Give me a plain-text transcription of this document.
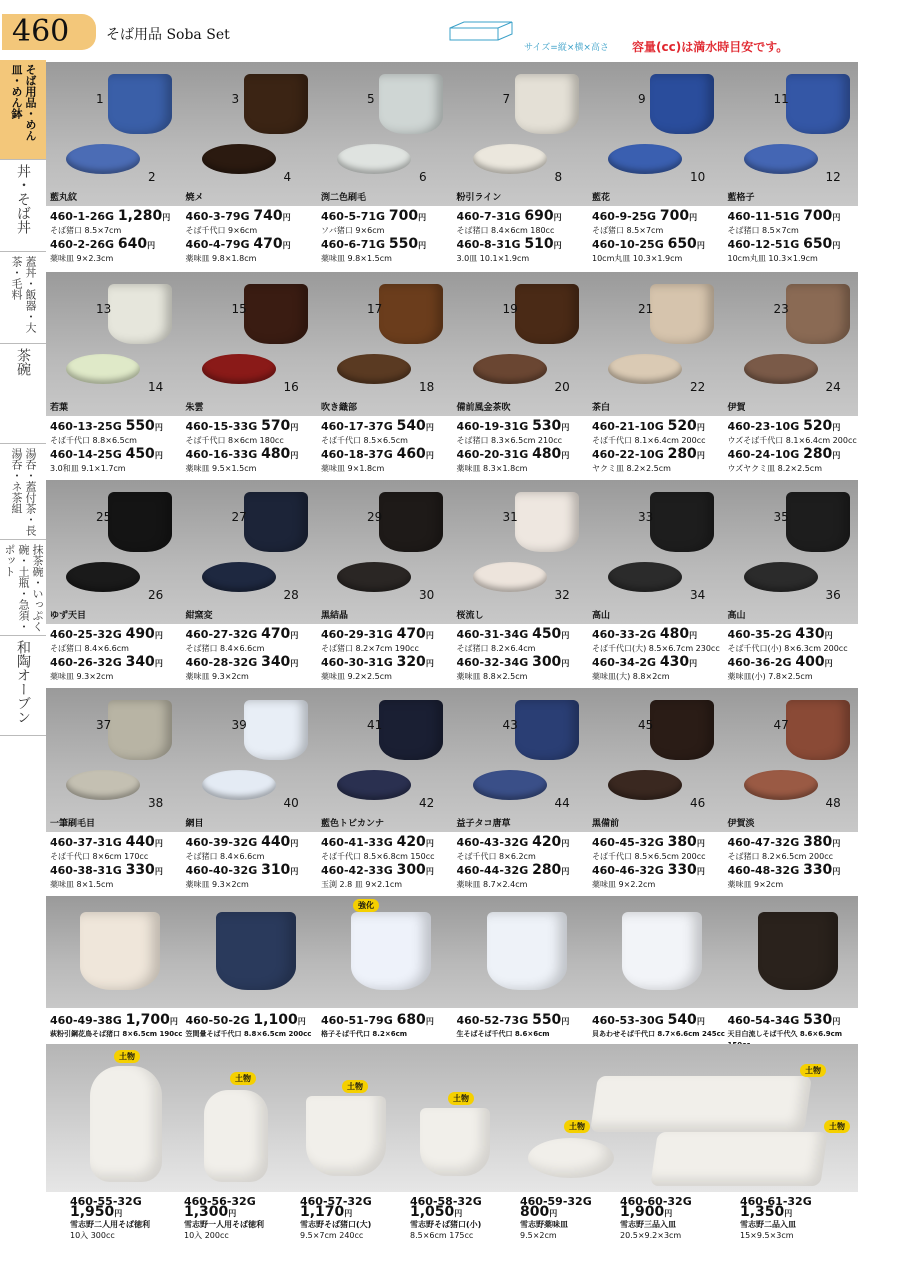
460	そば用品 Soba Set
サイズ=縦×横×高さ 容量(cc)は満水時目安です。
そば用品・めん皿・めん鉢
丼・そば丼
蓋丼・飯器・大茶・毛料
茶碗
湯呑・蓋付茶・長湯呑・ネ茶組
抹茶碗・いっぷく碗・土瓶・急須・ポット
和陶オーブン
1
2
藍丸紋
460-1-26G 1,280円
そば猪口 8.5×7cm
460-2-26G 640円
薬味皿 9×2.3cm
3
4
焼メ
460-3-79G 740円
そば千代口 9×6cm
460-4-79G 470円
薬味皿 9.8×1.8cm
5
6
渕二色刷毛
460-5-71G 700円
ソバ猪口 9×6cm
460-6-71G 550円
薬味皿 9.8×1.5cm
7
8
粉引ライン
460-7-31G 690円
そば猪口 8.4×6cm 180cc
460-8-31G 510円
3.0皿 10.1×1.9cm
9
10
藍花
460-9-25G 700円
そば猪口 8.5×7cm
460-10-25G 650円
10cm丸皿 10.3×1.9cm
11
12
藍格子
460-11-51G 700円
そば猪口 8.5×7cm
460-12-51G 650円
10cm丸皿 10.3×1.9cm
13
14
若葉
460-13-25G 550円
そば千代口 8.8×6.5cm
460-14-25G 450円
3.0和皿 9.1×1.7cm
15
16
朱雲
460-15-33G 570円
そば千代口 8×6cm 180cc
460-16-33G 480円
薬味皿 9.5×1.5cm
17
18
吹き織部
460-17-37G 540円
そば千代口 8.5×6.5cm
460-18-37G 460円
薬味皿 9×1.8cm
19
20
備前風金茶吹
460-19-31G 530円
そば猪口 8.3×6.5cm 210cc
460-20-31G 480円
薬味皿 8.3×1.8cm
21
22
茶白
460-21-10G 520円
そば千代口 8.1×6.4cm 200cc
460-22-10G 280円
ヤクミ皿 8.2×2.5cm
23
24
伊賀
460-23-10G 520円
ウズそば千代口 8.1×6.4cm 200cc
460-24-10G 280円
ウズヤクミ皿 8.2×2.5cm
25
26
ゆず天目
460-25-32G 490円
そば猪口 8.4×6.6cm
460-26-32G 340円
薬味皿 9.3×2cm
27
28
紺窯変
460-27-32G 470円
そば猪口 8.4×6.6cm
460-28-32G 340円
薬味皿 9.3×2cm
29
30
黒結晶
460-29-31G 470円
そば猪口 8.2×7cm 190cc
460-30-31G 320円
薬味皿 9.2×2.5cm
31
32
桜流し
460-31-34G 450円
そば猪口 8.2×6.4cm
460-32-34G 300円
薬味皿 8.8×2.5cm
33
34
高山
460-33-2G 480円
そば千代口(大) 8.5×6.7cm 230cc
460-34-2G 430円
薬味皿(大) 8.8×2cm
35
36
高山
460-35-2G 430円
そば千代口(小) 8×6.3cm 200cc
460-36-2G 400円
薬味皿(小) 7.8×2.5cm
37
38
一筆刷毛目
460-37-31G 440円
そば千代口 8×6cm 170cc
460-38-31G 330円
薬味皿 8×1.5cm
39
40
網目
460-39-32G 440円
そば猪口 8.4×6.6cm
460-40-32G 310円
薬味皿 9.3×2cm
41
42
藍色トビカンナ
460-41-33G 420円
そば千代口 8.5×6.8cm 150cc
460-42-33G 300円
玉渕 2.8 皿 9×2.1cm
43
44
益子タコ唐草
460-43-32G 420円
そば千代口 8×6.2cm
460-44-32G 280円
薬味皿 8.7×2.4cm
45
46
黒備前
460-45-32G 380円
そば千代口 8.5×6.5cm 200cc
460-46-32G 330円
薬味皿 9×2.2cm
47
48
伊賀淡
460-47-32G 380円
そば猪口 8.2×6.5cm 200cc
460-48-32G 330円
薬味皿 9×2cm
460-49-38G 1,700円
萩粉引鋼花鳥そば猪口 8×6.5cm 190cc
460-50-2G 1,100円
笠間暈そば千代口 8.8×6.5cm 200cc
強化
460-51-79G 680円
格子そば千代口 8.2×6cm
460-52-73G 550円
生そばそば千代口 8.6×6cm
460-53-30G 540円
貝あわせそば千代口 8.7×6.6cm 245cc
460-54-34G 530円
天目白流しそば千代久 8.6×6.9cm
土物
460-55-32G
1,950円
雪志野二人用そば徳利
10入 300cc
土物
460-56-32G
1,300円
雪志野一人用そば徳利
10入 200cc
土物
460-57-32G
1,170円
雪志野そば猪口(大)
9.5×7cm 240cc
土物
460-58-32G
1,050円
雪志野そば猪口(小)
8.5×6cm 175cc
土物
460-59-32G
800円
雪志野薬味皿
9.5×2cm
土物
460-60-32G
1,900円
雪志野三品入皿
20.5×9.2×3cm
土物
460-61-32G
1,350円
雪志野二品入皿
15×9.5×3cm
